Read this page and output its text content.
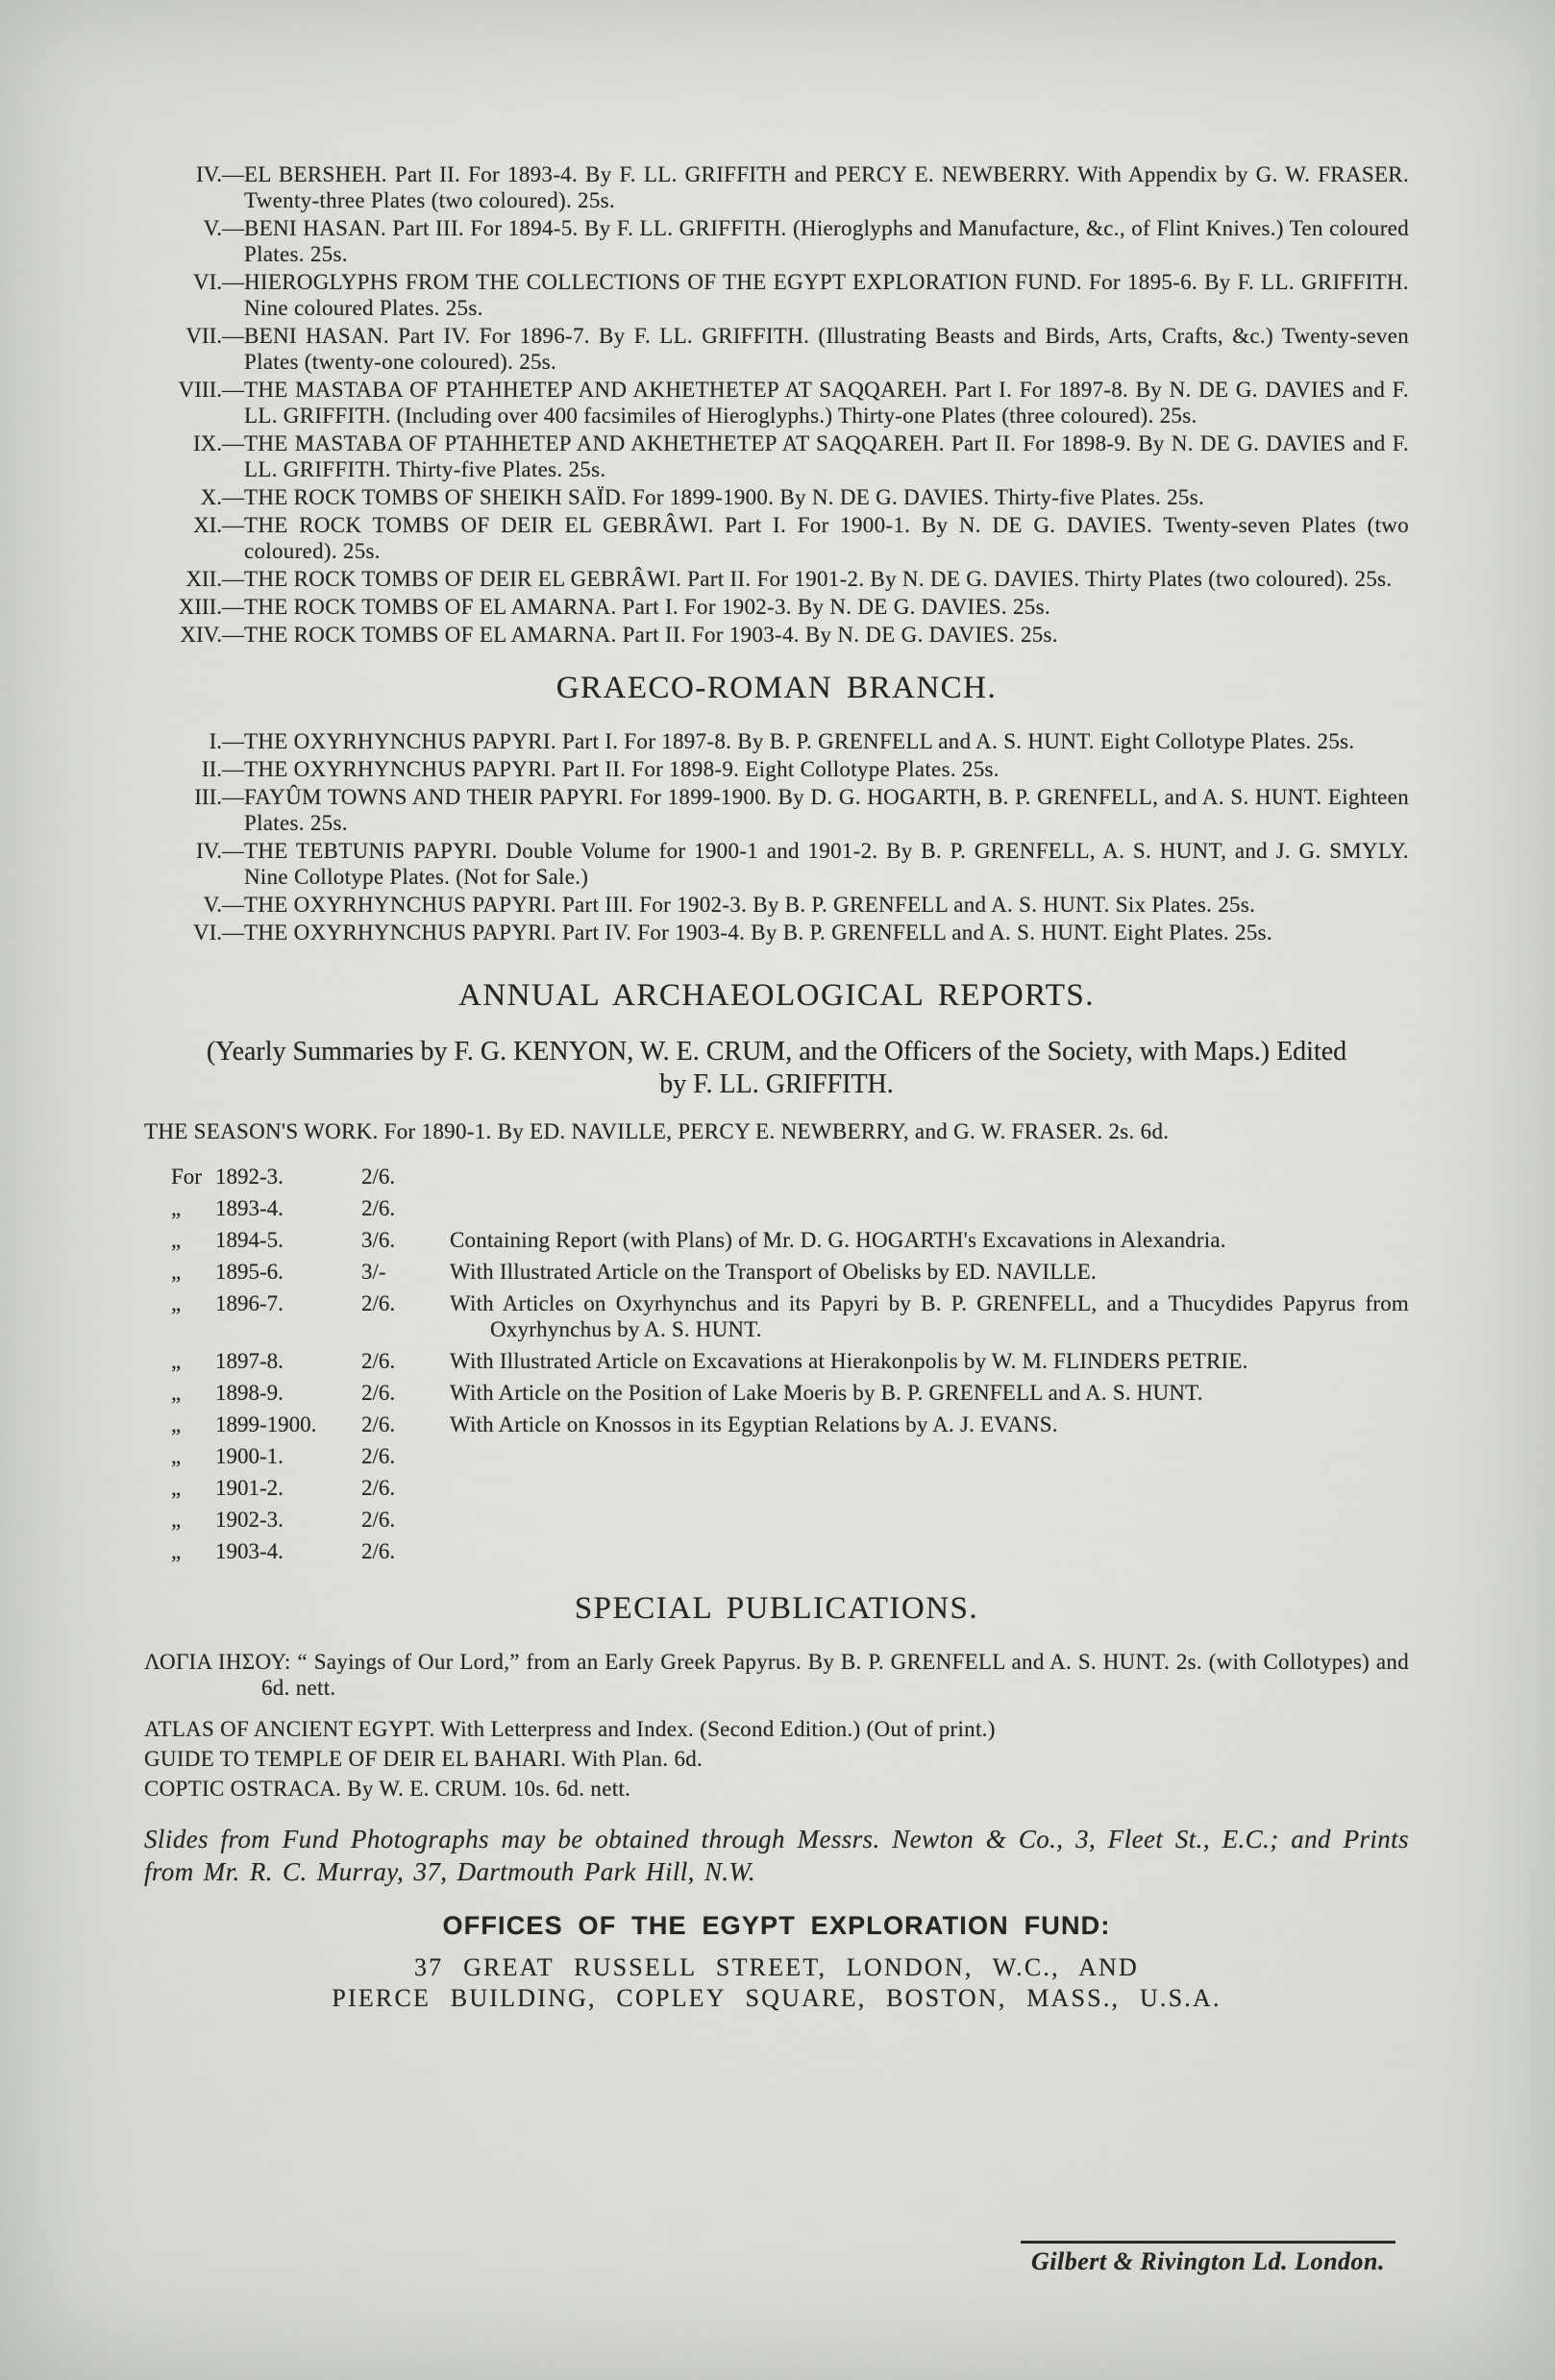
IV.— EL BERSHEH. Part II. For 1893-4. By F. LL. GRIFFITH and PERCY E. NEWBERRY. With Appendix by G. W. FRASER. Twenty-three Plates (two coloured). 25s.
V.— BENI HASAN. Part III. For 1894-5. By F. LL. GRIFFITH. (Hieroglyphs and Manufacture, &c., of Flint Knives.) Ten coloured Plates. 25s.
VI.— HIEROGLYPHS FROM THE COLLECTIONS OF THE EGYPT EXPLORATION FUND. For 1895-6. By F. LL. GRIFFITH. Nine coloured Plates. 25s.
VII.— BENI HASAN. Part IV. For 1896-7. By F. LL. GRIFFITH. (Illustrating Beasts and Birds, Arts, Crafts, &c.) Twenty-seven Plates (twenty-one coloured). 25s.
VIII.— THE MASTABA OF PTAHHETEP AND AKHETHETEP AT SAQQAREH. Part I. For 1897-8. By N. DE G. DAVIES and F. LL. GRIFFITH. (Including over 400 facsimiles of Hieroglyphs.) Thirty-one Plates (three coloured). 25s.
IX.— THE MASTABA OF PTAHHETEP AND AKHETHETEP AT SAQQAREH. Part II. For 1898-9. By N. DE G. DAVIES and F. LL. GRIFFITH. Thirty-five Plates. 25s.
X.— THE ROCK TOMBS OF SHEIKH SAÏD. For 1899-1900. By N. DE G. DAVIES. Thirty-five Plates. 25s.
XI.— THE ROCK TOMBS OF DEIR EL GEBRÂWI. Part I. For 1900-1. By N. DE G. DAVIES. Twenty-seven Plates (two coloured). 25s.
XII.— THE ROCK TOMBS OF DEIR EL GEBRÂWI. Part II. For 1901-2. By N. DE G. DAVIES. Thirty Plates (two coloured). 25s.
XIII.— THE ROCK TOMBS OF EL AMARNA. Part I. For 1902-3. By N. DE G. DAVIES. 25s.
XIV.— THE ROCK TOMBS OF EL AMARNA. Part II. For 1903-4. By N. DE G. DAVIES. 25s.
GRAECO-ROMAN BRANCH.
I.— THE OXYRHYNCHUS PAPYRI. Part I. For 1897-8. By B. P. GRENFELL and A. S. HUNT. Eight Collotype Plates. 25s.
II.— THE OXYRHYNCHUS PAPYRI. Part II. For 1898-9. Eight Collotype Plates. 25s.
III.— FAYÛM TOWNS AND THEIR PAPYRI. For 1899-1900. By D. G. HOGARTH, B. P. GRENFELL, and A. S. HUNT. Eighteen Plates. 25s.
IV.— THE TEBTUNIS PAPYRI. Double Volume for 1900-1 and 1901-2. By B. P. GRENFELL, A. S. HUNT, and J. G. SMYLY. Nine Collotype Plates. (Not for Sale.)
V.— THE OXYRHYNCHUS PAPYRI. Part III. For 1902-3. By B. P. GRENFELL and A. S. HUNT. Six Plates. 25s.
VI.— THE OXYRHYNCHUS PAPYRI. Part IV. For 1903-4. By B. P. GRENFELL and A. S. HUNT. Eight Plates. 25s.
ANNUAL ARCHAEOLOGICAL REPORTS.
(Yearly Summaries by F. G. KENYON, W. E. CRUM, and the Officers of the Society, with Maps.) Edited by F. LL. GRIFFITH.
THE SEASON'S WORK. For 1890-1. By ED. NAVILLE, PERCY E. NEWBERRY, and G. W. FRASER. 2s. 6d.
For 1892-3.	2/6.
„	1893-4.	2/6.
„	1894-5.	3/6.	Containing Report (with Plans) of Mr. D. G. HOGARTH's Excavations in Alexandria.
„	1895-6.	3/-	With Illustrated Article on the Transport of Obelisks by ED. NAVILLE.
„	1896-7.	2/6.	With Articles on Oxyrhynchus and its Papyri by B. P. GRENFELL, and a Thucydides Papyrus from Oxyrhynchus by A. S. HUNT.
„	1897-8.	2/6.	With Illustrated Article on Excavations at Hierakonpolis by W. M. FLINDERS PETRIE.
„	1898-9.	2/6.	With Article on the Position of Lake Moeris by B. P. GRENFELL and A. S. HUNT.
„	1899-1900.	2/6.	With Article on Knossos in its Egyptian Relations by A. J. EVANS.
„	1900-1.	2/6.
„	1901-2.	2/6.
„	1902-3.	2/6.
„	1903-4.	2/6.
SPECIAL PUBLICATIONS.
ΛΟΓΙΑ ΙΗΣΟΥ: “ Sayings of Our Lord,” from an Early Greek Papyrus. By B. P. GRENFELL and A. S. HUNT. 2s. (with Collotypes) and 6d. nett.
ATLAS OF ANCIENT EGYPT. With Letterpress and Index. (Second Edition.) (Out of print.)
GUIDE TO TEMPLE OF DEIR EL BAHARI. With Plan. 6d.
COPTIC OSTRACA. By W. E. CRUM. 10s. 6d. nett.
Slides from Fund Photographs may be obtained through Messrs. Newton & Co., 3, Fleet St., E.C.; and Prints from Mr. R. C. Murray, 37, Dartmouth Park Hill, N.W.
OFFICES OF THE EGYPT EXPLORATION FUND:
37 GREAT RUSSELL STREET, LONDON, W.C., AND
PIERCE BUILDING, COPLEY SQUARE, BOSTON, MASS., U.S.A.
Gilbert & Rivington Ld. London.
